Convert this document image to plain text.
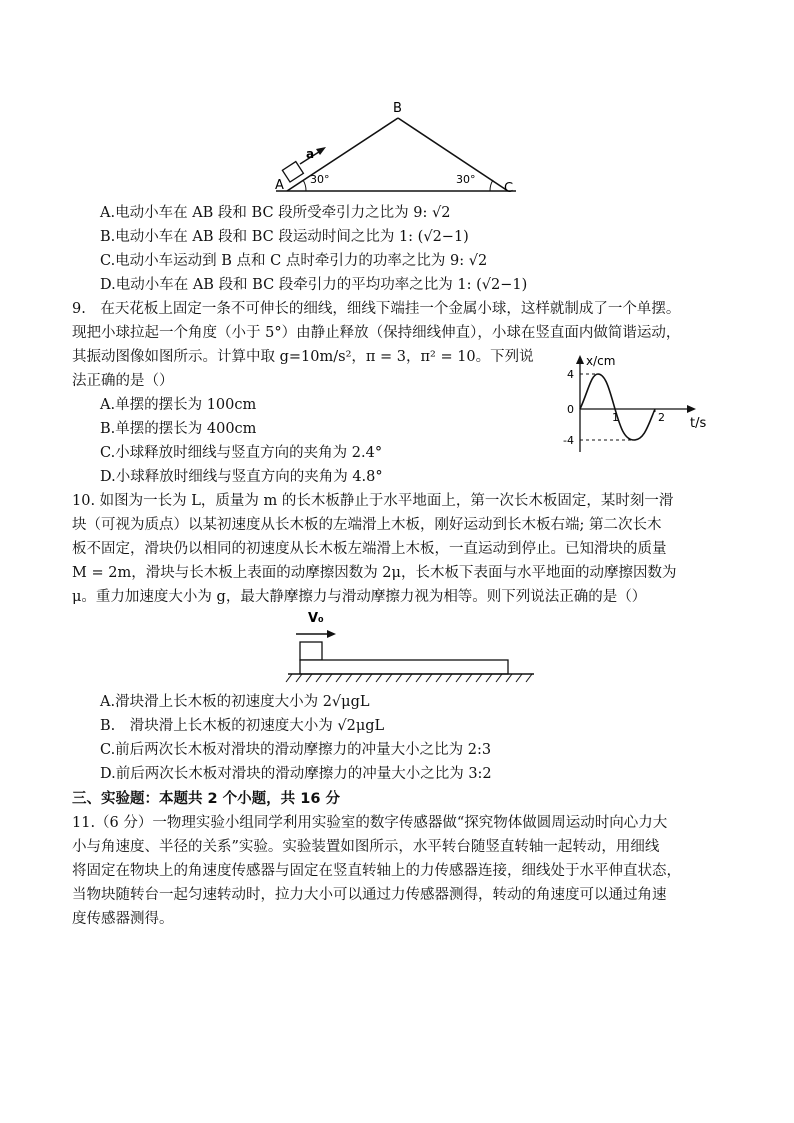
B
A	C
a
30°	30°
A.电动小车在 AB 段和 BC 段所受牵引力之比为 9: √2
B.电动小车在 AB 段和 BC 段运动时间之比为 1: (√2−1)
C.电动小车运动到 B 点和 C 点时牵引力的功率之比为 9: √2
D.电动小车在 AB 段和 BC 段牵引力的平均功率之比为 1: (√2−1)
9.　在天花板上固定一条不可伸长的细线，细线下端挂一个金属小球，这样就制成了一个单摆。
现把小球拉起一个角度（小于 5°）由静止释放（保持细线伸直），小球在竖直面内做简谐运动，
其振动图像如图所示。计算中取 g=10m/s²，π = 3，π² = 10。下列说
法正确的是（）
A.单摆的摆长为 100cm
B.单摆的摆长为 400cm
C.小球释放时细线与竖直方向的夹角为 2.4°
D.小球释放时细线与竖直方向的夹角为 4.8°
x/cm
t/s
4
-4
0
1	2
10. 如图为一长为 L，质量为 m 的长木板静止于水平地面上，第一次长木板固定，某时刻一滑
块（可视为质点）以某初速度从长木板的左端滑上木板，刚好运动到长木板右端; 第二次长木
板不固定，滑块仍以相同的初速度从长木板左端滑上木板，一直运动到停止。已知滑块的质量
M = 2m，滑块与长木板上表面的动摩擦因数为 2μ，长木板下表面与水平地面的动摩擦因数为
μ。重力加速度大小为 g，最大静摩擦力与滑动摩擦力视为相等。则下列说法正确的是（）
V₀
A.滑块滑上长木板的初速度大小为 2√μgL
B.　滑块滑上长木板的初速度大小为 √2μgL
C.前后两次长木板对滑块的滑动摩擦力的冲量大小之比为 2:3
D.前后两次长木板对滑块的滑动摩擦力的冲量大小之比为 3:2
三、实验题：本题共 2 个小题，共 16 分
11.（6 分）一物理实验小组同学利用实验室的数字传感器做“探究物体做圆周运动时向心力大
小与角速度、半径的关系”实验。实验装置如图所示，水平转台随竖直转轴一起转动，用细线
将固定在物块上的角速度传感器与固定在竖直转轴上的力传感器连接，细线处于水平伸直状态，
当物块随转台一起匀速转动时，拉力大小可以通过力传感器测得，转动的角速度可以通过角速
度传感器测得。
